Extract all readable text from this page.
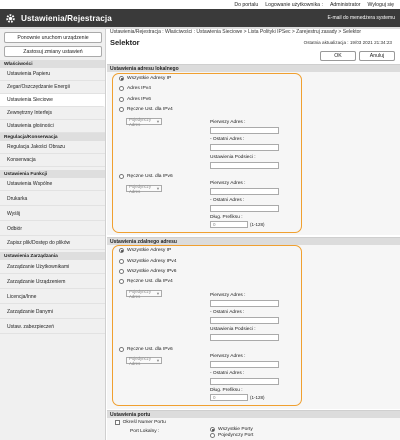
Do portalu Logowanie użytkownika : Administrator Wyloguj się
Ustawienia/Rejestracja	E-mail do menedżera systemu
Ponownie uruchom urządzenie
Zastosuj zmiany ustawień
Właściwości
Ustawienia Papieru
Zegar/Oszczędzanie Energii
Ustawienia Sieciowe
Zewnętrzny Interfejs
Ustawienia głośności
Regulacja/Konserwacja
Regulacja Jakości Obrazu
Konserwacja
Ustawienia Funkcji
Ustawienia Wspólne
Drukarka
Wyślij
Odbiór
Zapisz plik/Dostęp do plików
Ustawienia Zarządzania
Zarządzanie Użytkownikami
Zarządzanie Urządzeniem
Licencja/Inne
Zarządzanie Danymi
Ustaw. zabezpieczeń
Ustawienia/Rejestracja : Właściwości : Ustawienia Sieciowe > Lista Polityki IPSec > Zarejestruj zasady > Selektor
Selektor	Ostatnia aktualizacja : 19/03 2021 21:34:23
OK	Anuluj
Ustawienia adresu lokalnego
Wszystkie Adresy IP
Adres IPv4
Adres IPv6
Ręczne Ust. dla IPv4
Pojedynczy Adres	▼	Pierwszy Adres :
- Ostatni Adres :
Ustawienia Podsieci :
Ręczne Ust. dla IPv6
Pojedynczy Adres	▼
Pierwszy Adres :
- Ostatni Adres :
Dług. Prefiksu :
0	(1-128)
Ustawienia zdalnego adresu
Wszystkie Adresy IP
Wszystkie Adresy IPv4
Wszystkie Adresy IPv6
Ręczne Ust. dla IPv4
Pojedynczy Adres	▼	Pierwszy Adres :
- Ostatni Adres :
Ustawienia Podsieci :
Ręczne Ust. dla IPv6
Pojedynczy Adres	▼
Pierwszy Adres :
- Ostatni Adres :
Dług. Prefiksu :
0	(1-128)
Ustawienia portu
Określ Numer Portu
Port Lokalny :	Wszystkie Porty
Pojedynczy Port
